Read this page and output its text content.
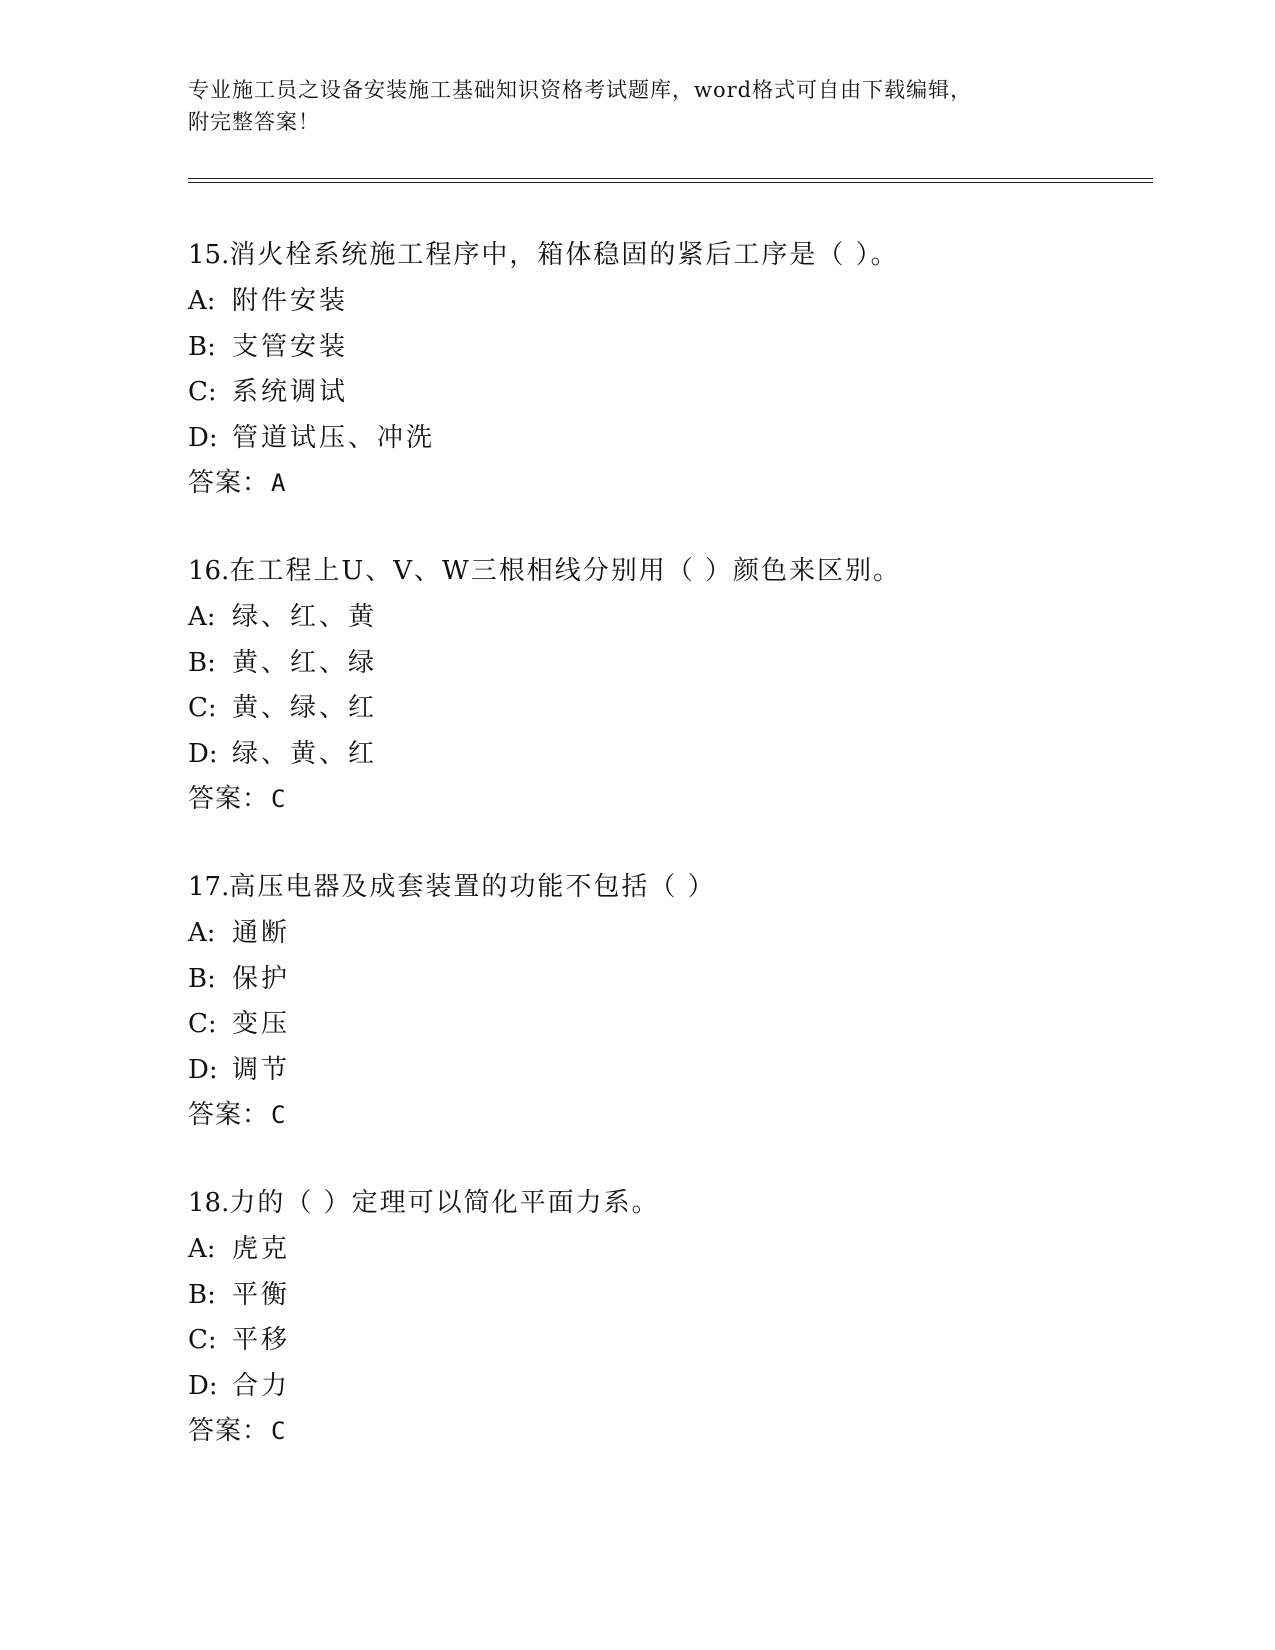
专业施工员之设备安装施工基础知识资格考试题库，word格式可自由下载编辑，
附完整答案！
15. 消火栓系统施工程序中，箱体稳固的紧后工序是（ ）。
A: 附件安装
B: 支管安装
C: 系统调试
D: 管道试压、冲洗
答案： A
16. 在工程上U、V、W三根相线分别用（ ）颜色来区别。
A: 绿、红、黄
B: 黄、红、绿
C: 黄、绿、红
D: 绿、黄、红
答案： C
17. 高压电器及成套装置的功能不包括（ ）
A: 通断
B: 保护
C: 变压
D: 调节
答案： C
18. 力的（ ）定理可以简化平面力系。
A: 虎克
B: 平衡
C: 平移
D: 合力
答案： C
